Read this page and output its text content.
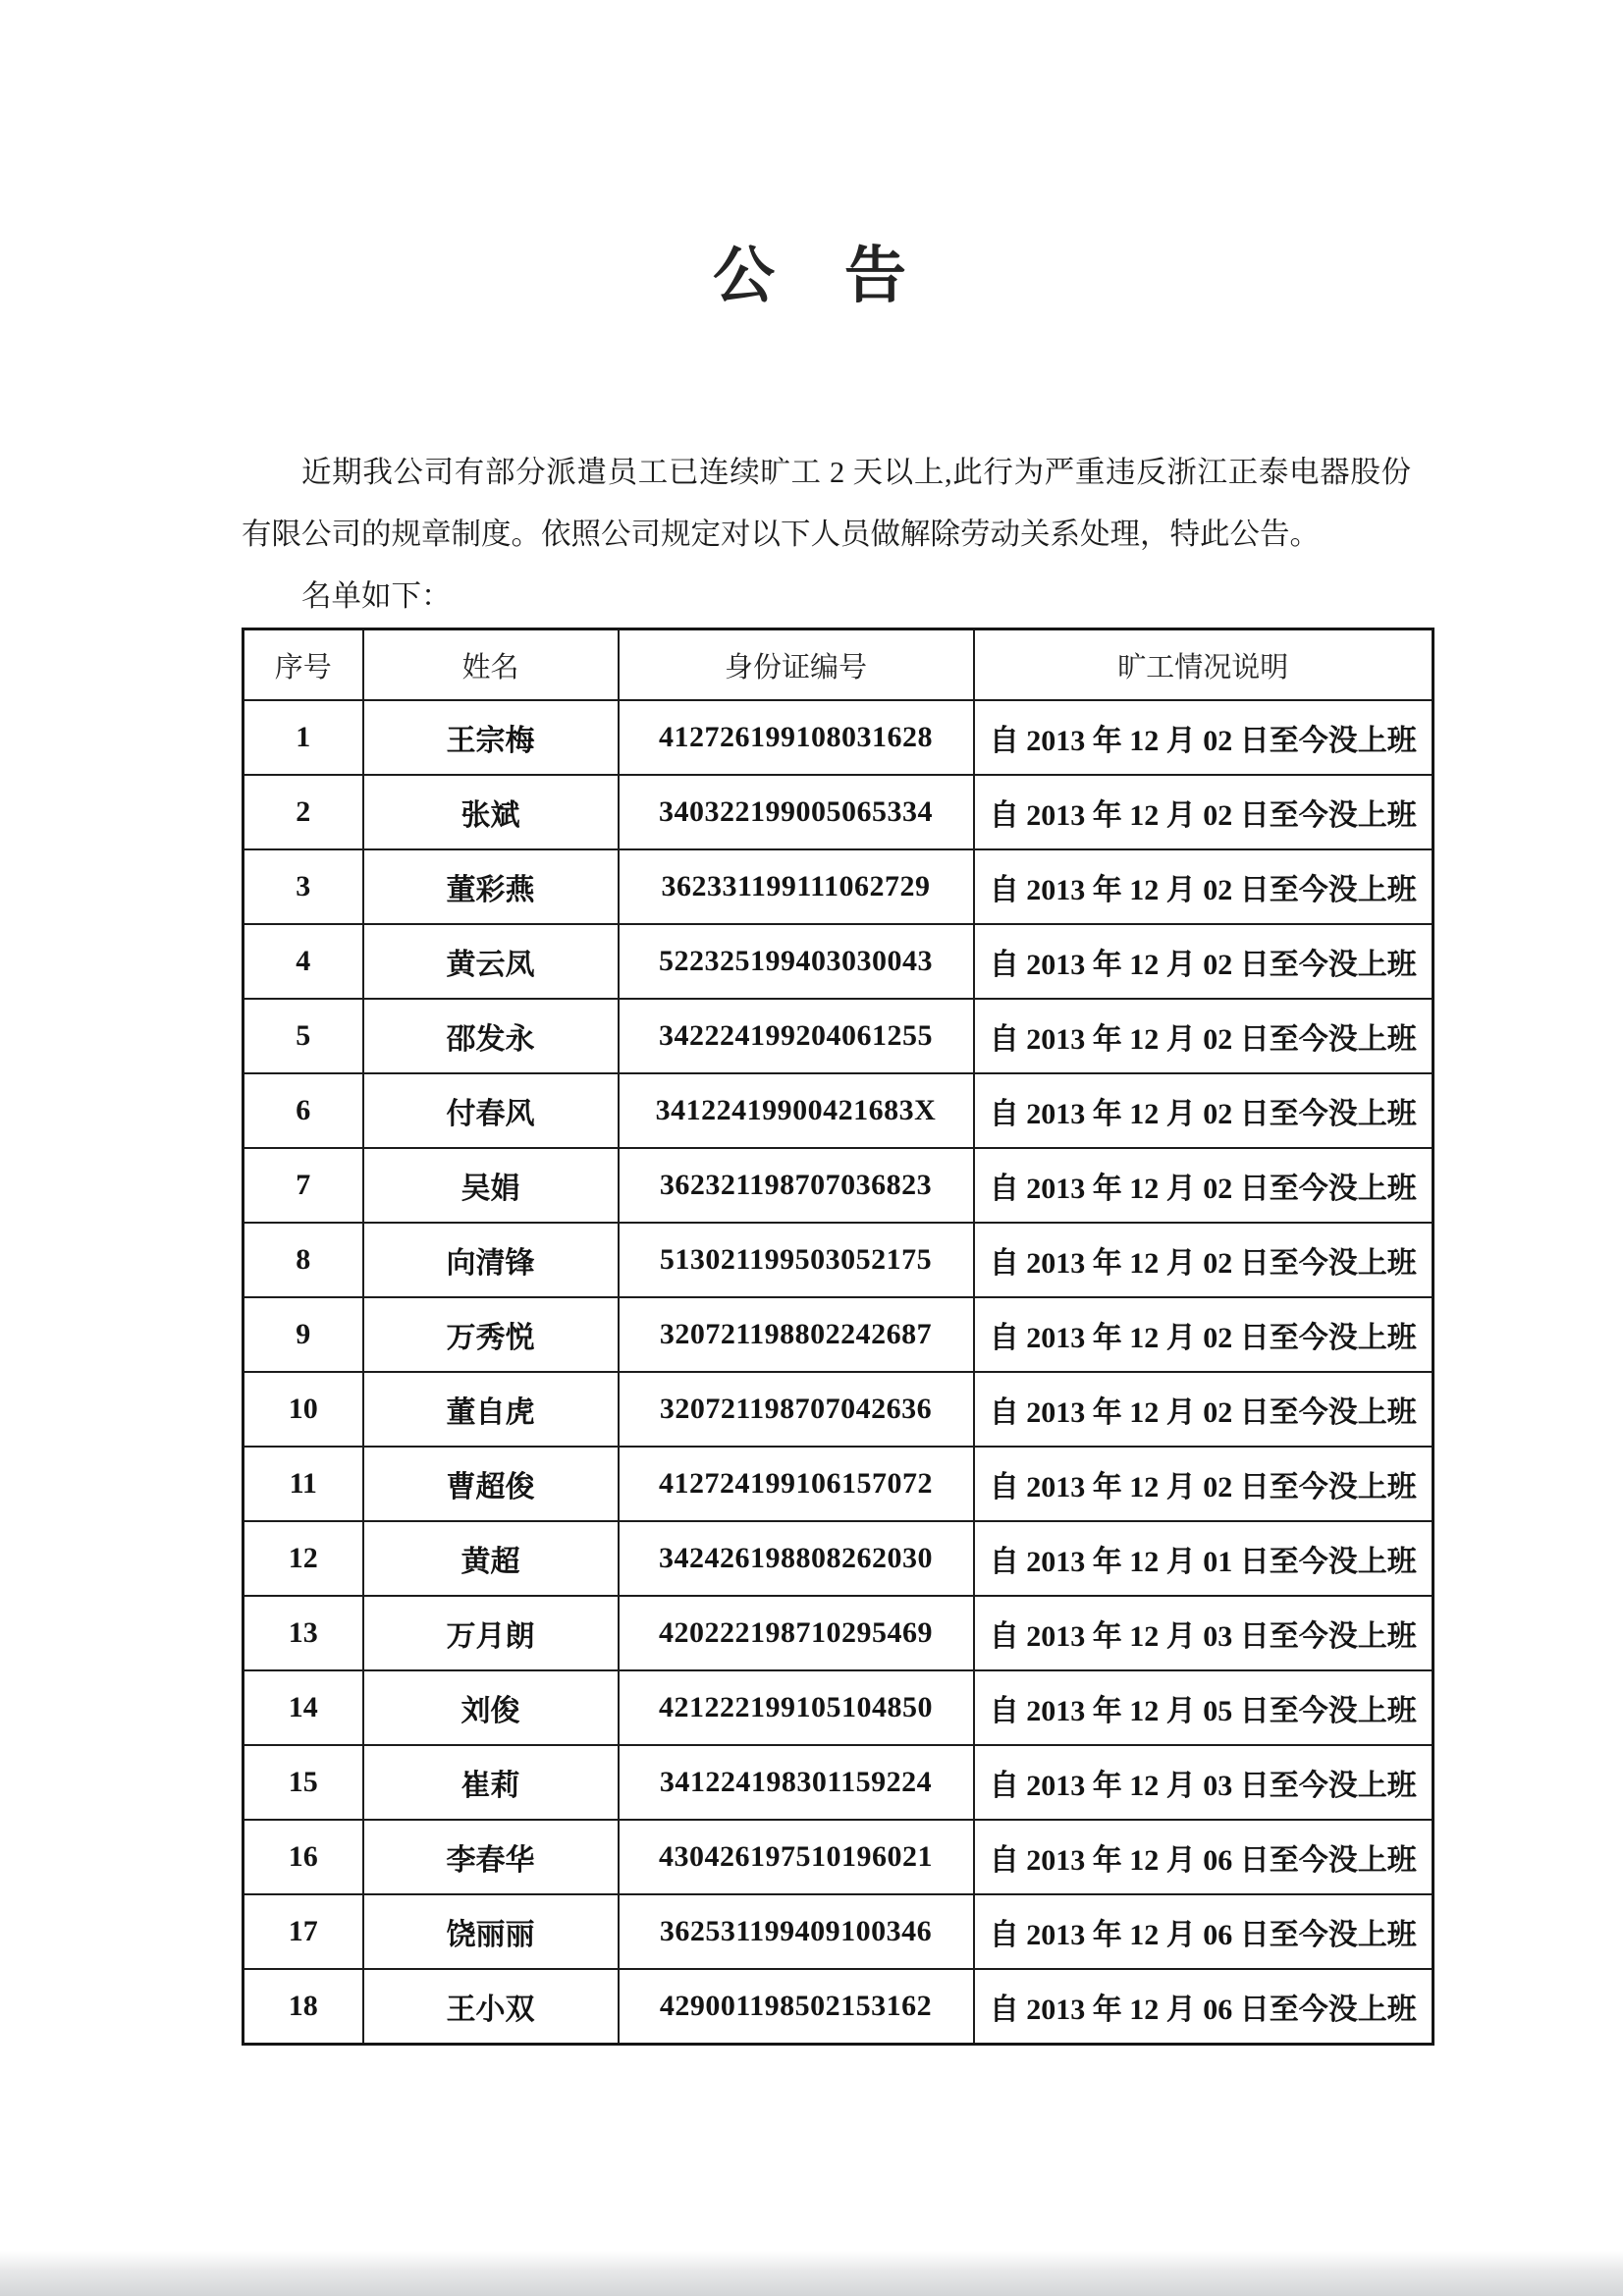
公　告

近期我公司有部分派遣员工已连续旷工 2 天以上,此行为严重违反浙江正泰电器股份有限公司的规章制度。依照公司规定对以下人员做解除劳动关系处理，特此公告。

名单如下：

序号	姓名	身份证编号	旷工情况说明
1	王宗梅	412726199108031628	自 2013 年 12 月 02 日至今没上班
2	张斌	340322199005065334	自 2013 年 12 月 02 日至今没上班
3	董彩燕	362331199111062729	自 2013 年 12 月 02 日至今没上班
4	黄云凤	522325199403030043	自 2013 年 12 月 02 日至今没上班
5	邵发永	342224199204061255	自 2013 年 12 月 02 日至今没上班
6	付春风	34122419900421683X	自 2013 年 12 月 02 日至今没上班
7	吴娟	362321198707036823	自 2013 年 12 月 02 日至今没上班
8	向清锋	513021199503052175	自 2013 年 12 月 02 日至今没上班
9	万秀悦	320721198802242687	自 2013 年 12 月 02 日至今没上班
10	董自虎	320721198707042636	自 2013 年 12 月 02 日至今没上班
11	曹超俊	412724199106157072	自 2013 年 12 月 02 日至今没上班
12	黄超	342426198808262030	自 2013 年 12 月 01 日至今没上班
13	万月朗	420222198710295469	自 2013 年 12 月 03 日至今没上班
14	刘俊	421222199105104850	自 2013 年 12 月 05 日至今没上班
15	崔莉	341224198301159224	自 2013 年 12 月 03 日至今没上班
16	李春华	430426197510196021	自 2013 年 12 月 06 日至今没上班
17	饶丽丽	362531199409100346	自 2013 年 12 月 06 日至今没上班
18	王小双	429001198502153162	自 2013 年 12 月 06 日至今没上班
